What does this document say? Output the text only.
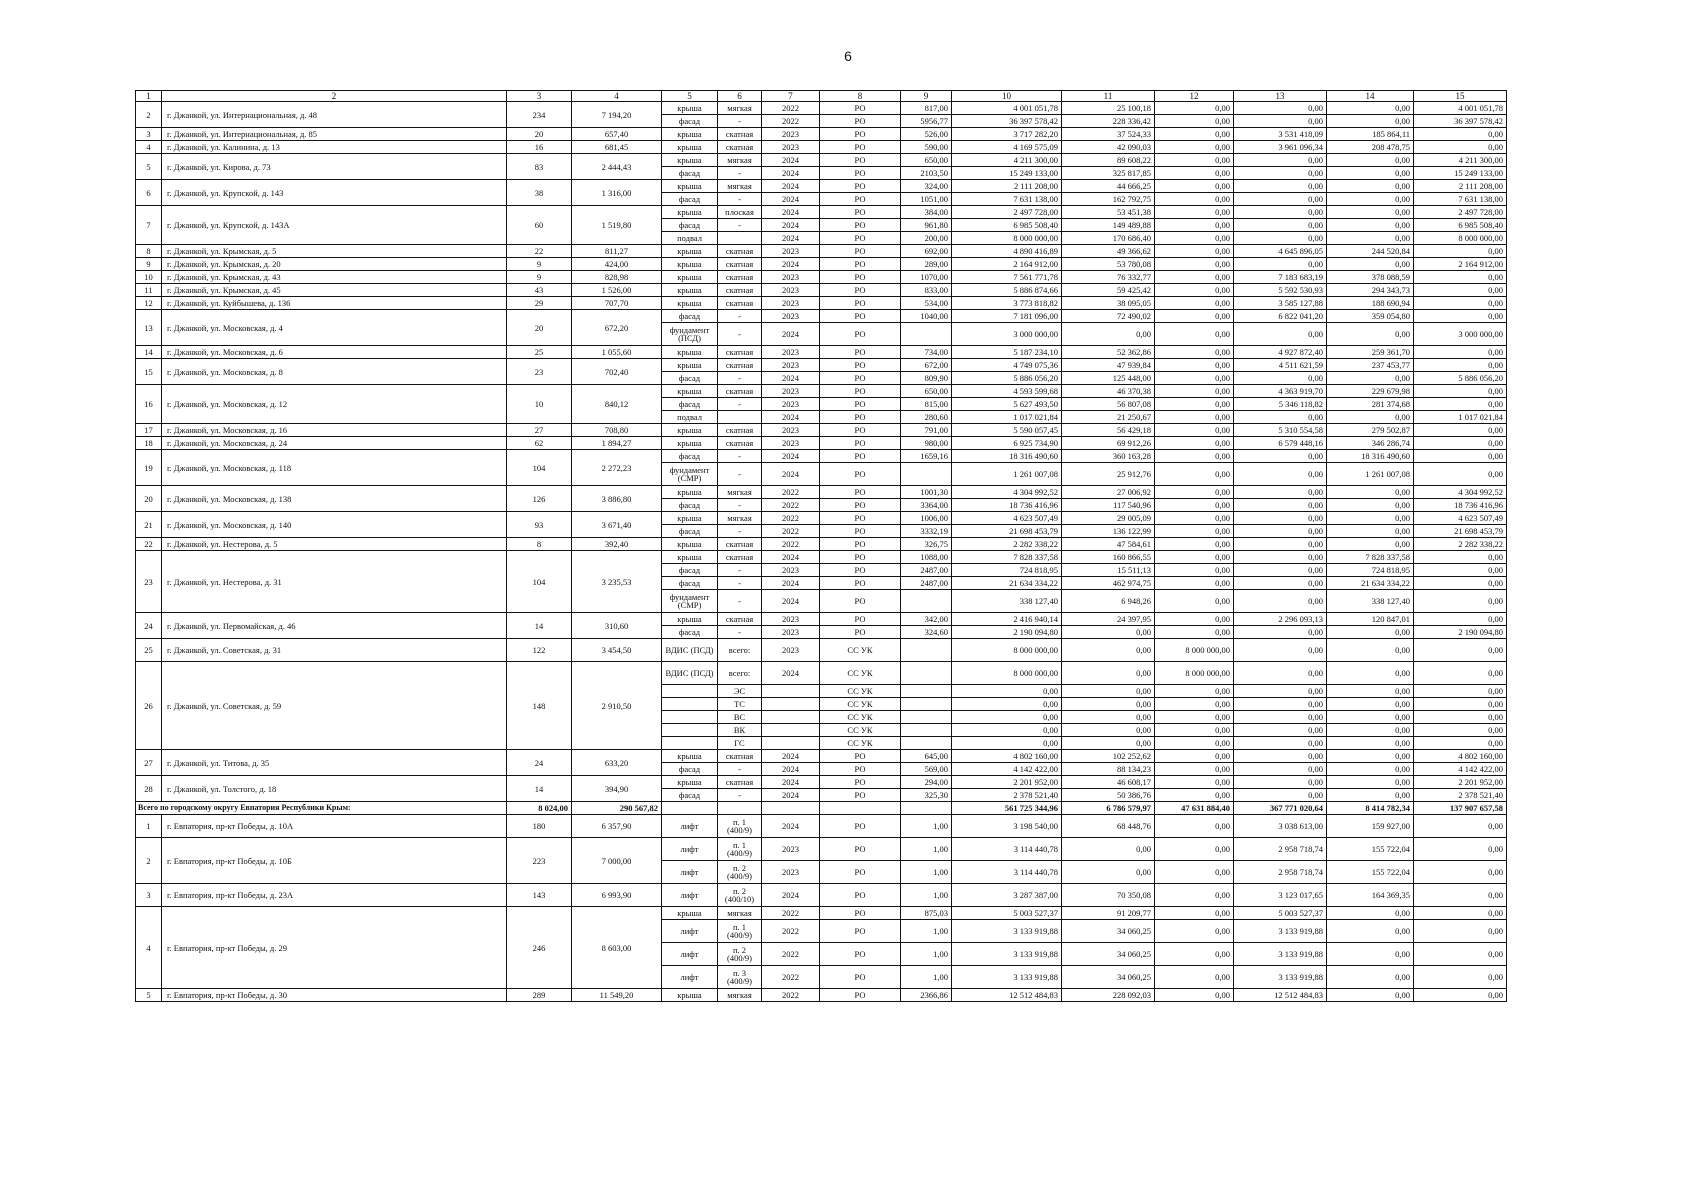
6
1	2	3	4	5	6	7	8	9	10	11	12	13	14	15
2	г. Джанкой, ул. Интернациональная, д. 48	234	7 194,20	крыша	мягкая	2022	РО	817,00	4 001 051,78	25 100,18	0,00	0,00	0,00	4 001 051,78
				фасад	-	2022	РО	5956,77	36 397 578,42	228 336,42	0,00	0,00	0,00	36 397 578,42
3	г. Джанкой, ул. Интернациональная, д. 85	20	657,40	крыша	скатная	2023	РО	526,00	3 717 282,20	37 524,33	0,00	3 531 418,09	185 864,11	0,00
4	г. Джанкой, ул. Калинина, д. 13	16	681,45	крыша	скатная	2023	РО	590,00	4 169 575,09	42 090,03	0,00	3 961 096,34	208 478,75	0,00
5	г. Джанкой, ул. Кирова, д. 73	83	2 444,43	крыша	мягкая	2024	РО	650,00	4 211 300,00	89 608,22	0,00	0,00	0,00	4 211 300,00
				фасад	-	2024	РО	2103,50	15 249 133,00	325 817,85	0,00	0,00	0,00	15 249 133,00
6	г. Джанкой, ул. Крупской, д. 143	38	1 316,00	крыша	мягкая	2024	РО	324,00	2 111 208,00	44 666,25	0,00	0,00	0,00	2 111 208,00
				фасад	-	2024	РО	1051,00	7 631 138,00	162 792,75	0,00	0,00	0,00	7 631 138,00
7	г. Джанкой, ул. Крупской, д. 143А	60	1 519,80	крыша	плоская	2024	РО	384,00	2 497 728,00	53 451,38	0,00	0,00	0,00	2 497 728,00
				фасад	-	2024	РО	961,80	6 985 508,40	149 489,88	0,00	0,00	0,00	6 985 508,40
				подвал		2024	РО	200,00	8 000 000,00	170 686,40	0,00	0,00	0,00	8 000 000,00
8	г. Джанкой, ул. Крымская, д. 5	22	811,27	крыша	скатная	2023	РО	692,00	4 890 416,89	49 366,62	0,00	4 645 896,05	244 520,84	0,00
9	г. Джанкой, ул. Крымская, д. 20	9	424,00	крыша	скатная	2024	РО	289,00	2 164 912,00	53 780,08	0,00	0,00	0,00	2 164 912,00
10	г. Джанкой, ул. Крымская, д. 43	9	828,98	крыша	скатная	2023	РО	1070,00	7 561 771,78	76 332,77	0,00	7 183 683,19	378 088,59	0,00
11	г. Джанкой, ул. Крымская, д. 45	43	1 526,00	крыша	скатная	2023	РО	833,00	5 886 874,66	59 425,42	0,00	5 592 530,93	294 343,73	0,00
12	г. Джанкой, ул. Куйбышева, д. 136	29	707,70	крыша	скатная	2023	РО	534,00	3 773 818,82	38 095,05	0,00	3 585 127,88	188 690,94	0,00
13	г. Джанкой, ул. Московская, д. 4	20	672,20	фасад	-	2023	РО	1040,00	7 181 096,00	72 490,02	0,00	6 822 041,20	359 054,80	0,00
				фундамент (ПСД)	-	2024	РО		3 000 000,00	0,00	0,00	0,00	0,00	3 000 000,00
14	г. Джанкой, ул. Московская, д. 6	25	1 055,60	крыша	скатная	2023	РО	734,00	5 187 234,10	52 362,86	0,00	4 927 872,40	259 361,70	0,00
15	г. Джанкой, ул. Московская, д. 8	23	702,40	крыша	скатная	2023	РО	672,00	4 749 075,36	47 939,84	0,00	4 511 621,59	237 453,77	0,00
				фасад	-	2024	РО	809,90	5 886 056,20	125 448,00	0,00	0,00	0,00	5 886 056,20
16	г. Джанкой, ул. Московская, д. 12	10	840,12	крыша	скатная	2023	РО	650,00	4 593 599,68	46 370,38	0,00	4 363 919,70	229 679,98	0,00
				фасад	-	2023	РО	815,00	5 627 493,50	56 807,08	0,00	5 346 118,82	281 374,68	0,00
				подвал		2024	РО	280,60	1 017 021,84	21 250,67	0,00	0,00	0,00	1 017 021,84
17	г. Джанкой, ул. Московская, д. 16	27	708,80	крыша	скатная	2023	РО	791,00	5 590 057,45	56 429,18	0,00	5 310 554,58	279 502,87	0,00
18	г. Джанкой, ул. Московская, д. 24	62	1 894,27	крыша	скатная	2023	РО	980,00	6 925 734,90	69 912,26	0,00	6 579 448,16	346 286,74	0,00
19	г. Джанкой, ул. Московская, д. 118	104	2 272,23	фасад	-	2024	РО	1659,16	18 316 490,60	360 163,28	0,00	0,00	18 316 490,60	0,00
				фундамент (СМР)	-	2024	РО		1 261 007,08	25 912,76	0,00	0,00	1 261 007,08	0,00
20	г. Джанкой, ул. Московская, д. 138	126	3 886,80	крыша	мягкая	2022	РО	1001,30	4 304 992,52	27 006,92	0,00	0,00	0,00	4 304 992,52
				фасад	-	2022	РО	3364,00	18 736 416,96	117 540,96	0,00	0,00	0,00	18 736 416,96
21	г. Джанкой, ул. Московская, д. 140	93	3 671,40	крыша	мягкая	2022	РО	1006,00	4 623 507,49	29 005,09	0,00	0,00	0,00	4 623 507,49
				фасад	-	2022	РО	3332,19	21 698 453,79	136 122,99	0,00	0,00	0,00	21 698 453,79
22	г. Джанкой, ул. Нестерова, д. 5	8	392,40	крыша	скатная	2022	РО	326,75	2 282 338,22	47 584,61	0,00	0,00	0,00	2 282 338,22
23	г. Джанкой, ул. Нестерова, д. 31	104	3 235,53	крыша	скатная	2024	РО	1088,00	7 828 337,58	160 866,55	0,00	0,00	7 828 337,58	0,00
				фасад	-	2023	РО	2487,00	724 818,95	15 511,13	0,00	0,00	724 818,95	0,00
				фасад	-	2024	РО	2487,00	21 634 334,22	462 974,75	0,00	0,00	21 634 334,22	0,00
				фундамент (СМР)	-	2024	РО		338 127,40	6 948,26	0,00	0,00	338 127,40	0,00
24	г. Джанкой, ул. Первомайская, д. 46	14	310,60	крыша	скатная	2023	РО	342,00	2 416 940,14	24 397,95	0,00	2 296 093,13	120 847,01	0,00
				фасад	-	2023	РО	324,60	2 190 094,80	0,00	0,00	0,00	0,00	2 190 094,80
25	г. Джанкой, ул. Советская, д. 31	122	3 454,50	ВДИС (ПСД)	всего:	2023	СС УК		8 000 000,00	0,00	8 000 000,00	0,00	0,00	0,00
26	г. Джанкой, ул. Советская, д. 59	148	2 910,50	ВДИС (ПСД)	всего:	2024	СС УК		8 000 000,00	0,00	8 000 000,00	0,00	0,00	0,00
					ЭС		СС УК		0,00	0,00	0,00	0,00	0,00	0,00
					ТС		СС УК		0,00	0,00	0,00	0,00	0,00	0,00
					ВС		СС УК		0,00	0,00	0,00	0,00	0,00	0,00
					ВК		СС УК		0,00	0,00	0,00	0,00	0,00	0,00
					ГС		СС УК		0,00	0,00	0,00	0,00	0,00	0,00
27	г. Джанкой, ул. Титова, д. 35	24	633,20	крыша	скатная	2024	РО	645,00	4 802 160,00	102 252,62	0,00	0,00	0,00	4 802 160,00
				фасад	-	2024	РО	569,00	4 142 422,00	88 134,23	0,00	0,00	0,00	4 142 422,00
28	г. Джанкой, ул. Толстого, д. 18	14	394,90	крыша	скатная	2024	РО	294,00	2 201 952,00	46 608,17	0,00	0,00	0,00	2 201 952,00
				фасад	-	2024	РО	325,30	2 378 521,40	50 386,76	0,00	0,00	0,00	2 378 521,40
Всего по городскому округу Евпатория Республики Крым:		8 024,00	290 567,82						561 725 344,96	6 786 579,97	47 631 884,40	367 771 020,64	8 414 782,34	137 907 657,58
1	г. Евпатория, пр-кт Победы, д. 10А	180	6 357,90	лифт	п. 1 (400/9)	2024	РО	1,00	3 198 540,00	68 448,76	0,00	3 038 613,00	159 927,00	0,00
2	г. Евпатория, пр-кт Победы, д. 10Б	223	7 000,00	лифт	п. 1 (400/9)	2023	РО	1,00	3 114 440,78	0,00	0,00	2 958 718,74	155 722,04	0,00
				лифт	п. 2 (400/9)	2023	РО	1,00	3 114 440,78	0,00	0,00	2 958 718,74	155 722,04	0,00
3	г. Евпатория, пр-кт Победы, д. 23А	143	6 993,90	лифт	п. 2 (400/10)	2024	РО	1,00	3 287 387,00	70 350,08	0,00	3 123 017,65	164 369,35	0,00
4	г. Евпатория, пр-кт Победы, д. 29	246	8 603,00	крыша	мягкая	2022	РО	875,03	5 003 527,37	91 209,77	0,00	5 003 527,37	0,00	0,00
				лифт	п. 1 (400/9)	2022	РО	1,00	3 133 919,88	34 060,25	0,00	3 133 919,88	0,00	0,00
				лифт	п. 2 (400/9)	2022	РО	1,00	3 133 919,88	34 060,25	0,00	3 133 919,88	0,00	0,00
				лифт	п. 3 (400/9)	2022	РО	1,00	3 133 919,88	34 060,25	0,00	3 133 919,88	0,00	0,00
5	г. Евпатория, пр-кт Победы, д. 30	289	11 549,20	крыша	мягкая	2022	РО	2366,86	12 512 484,83	228 092,03	0,00	12 512 484,83	0,00	0,00
